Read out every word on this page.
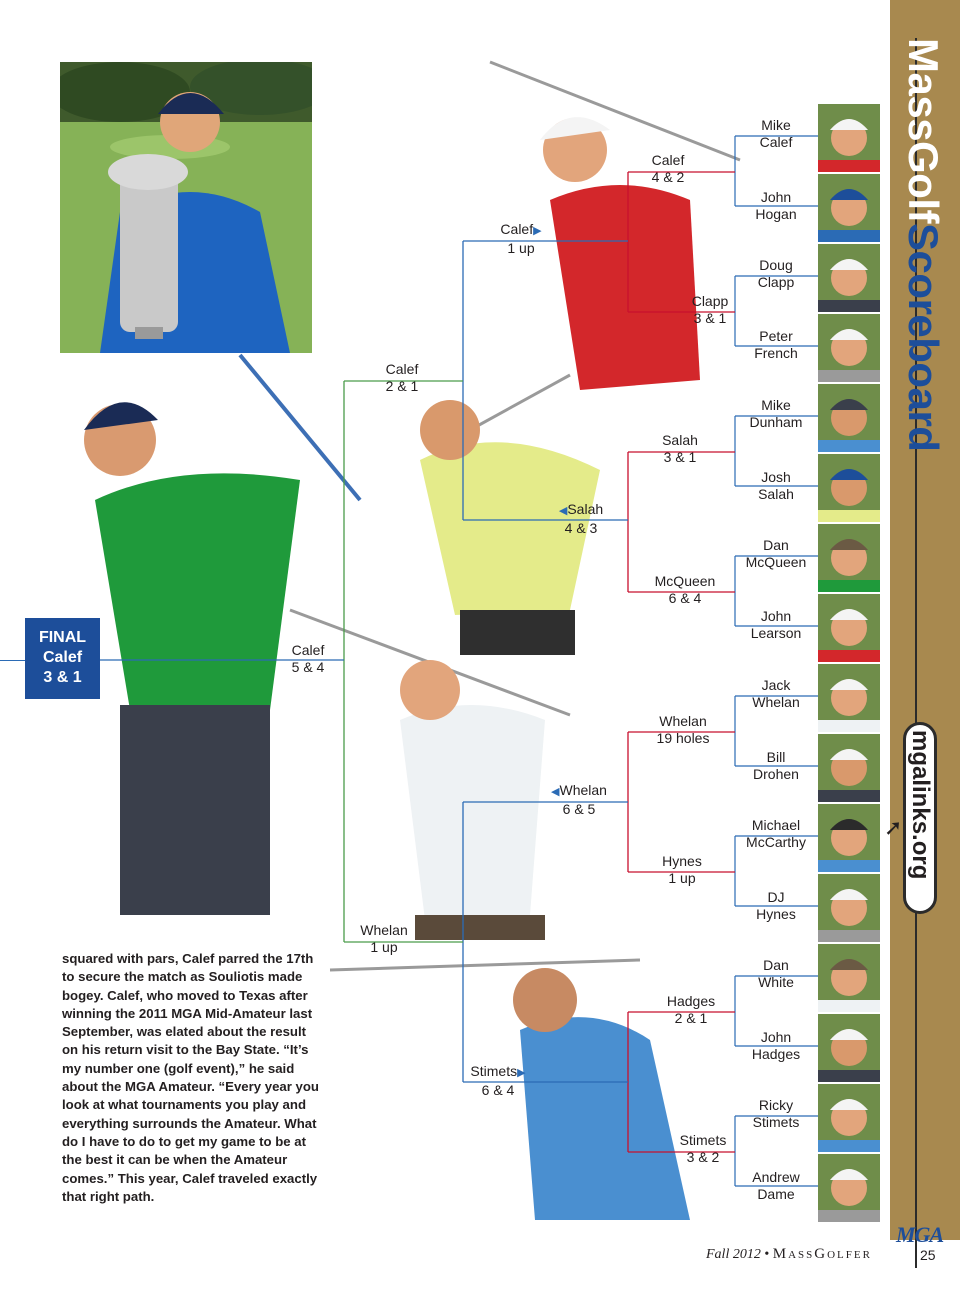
MassGolfScoreboard
mgalinks.org
➚
MGA
25
Fall 2012 • MassGolfer
FINAL
Calef
3 & 1
Mike
Calef
John
Hogan
Doug
Clapp
Peter
French
Mike
Dunham
Josh
Salah
Dan
McQueen
John
Learson
Jack
Whelan
Bill
Drohen
Michael
McCarthy
DJ
Hynes
Dan
White
John
Hadges
Ricky
Stimets
Andrew
Dame
Calef
4 & 2
Clapp
3 & 1
Salah
3 & 1
McQueen
6 & 4
Whelan
19 holes
Hynes
1 up
Hadges
2 & 1
Stimets
3 & 2
Calef▶
1 up
◀Salah
4 & 3
◀Whelan
6 & 5
Stimets▶
6 & 4
Calef
2 & 1
Whelan
1 up
Calef
5 & 4
squared with pars, Calef parred the 17th to secure the match as Souliotis made bogey. Calef, who moved to Texas after winning the 2011 MGA Mid-Amateur last September, was elated about the result on his return visit to the Bay State. “It’s my number one (golf event),” he said about the MGA Amateur. “Every year you look at what tournaments you play and everything surrounds the Amateur. What do I have to do to get my game to be at the best it can be when the Amateur comes.” This year, Calef traveled exactly that right path.
